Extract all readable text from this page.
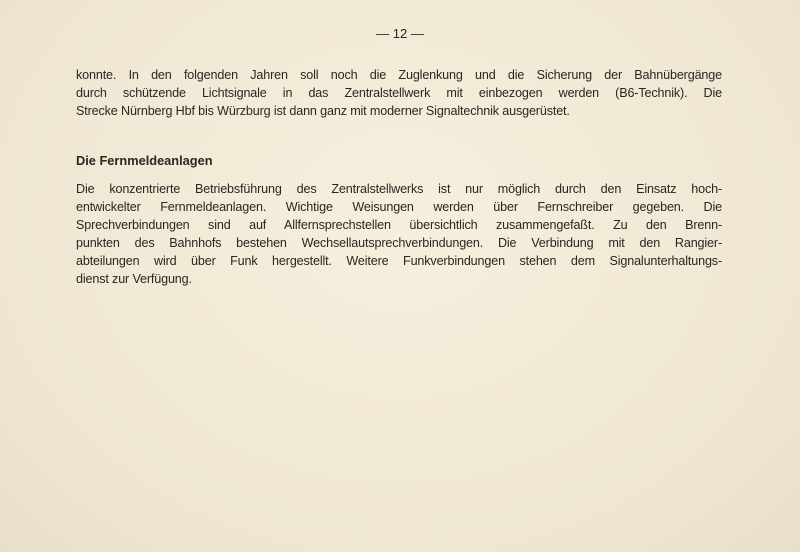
— 12 —
konnte. In den folgenden Jahren soll noch die Zuglenkung und die Sicherung der Bahnübergänge
durch schützende Lichtsignale in das Zentralstellwerk mit einbezogen werden (B6-Technik). Die
Strecke Nürnberg Hbf bis Würzburg ist dann ganz mit moderner Signaltechnik ausgerüstet.
Die Fernmeldeanlagen
Die konzentrierte Betriebsführung des Zentralstellwerks ist nur möglich durch den Einsatz hoch-
entwickelter Fernmeldeanlagen. Wichtige Weisungen werden über Fernschreiber gegeben. Die
Sprechverbindungen sind auf Allfernsprechstellen übersichtlich zusammengefaßt. Zu den Brenn-
punkten des Bahnhofs bestehen Wechsellautsprechverbindungen. Die Verbindung mit den Rangier-
abteilungen wird über Funk hergestellt. Weitere Funkverbindungen stehen dem Signalunterhaltungs-
dienst zur Verfügung.
